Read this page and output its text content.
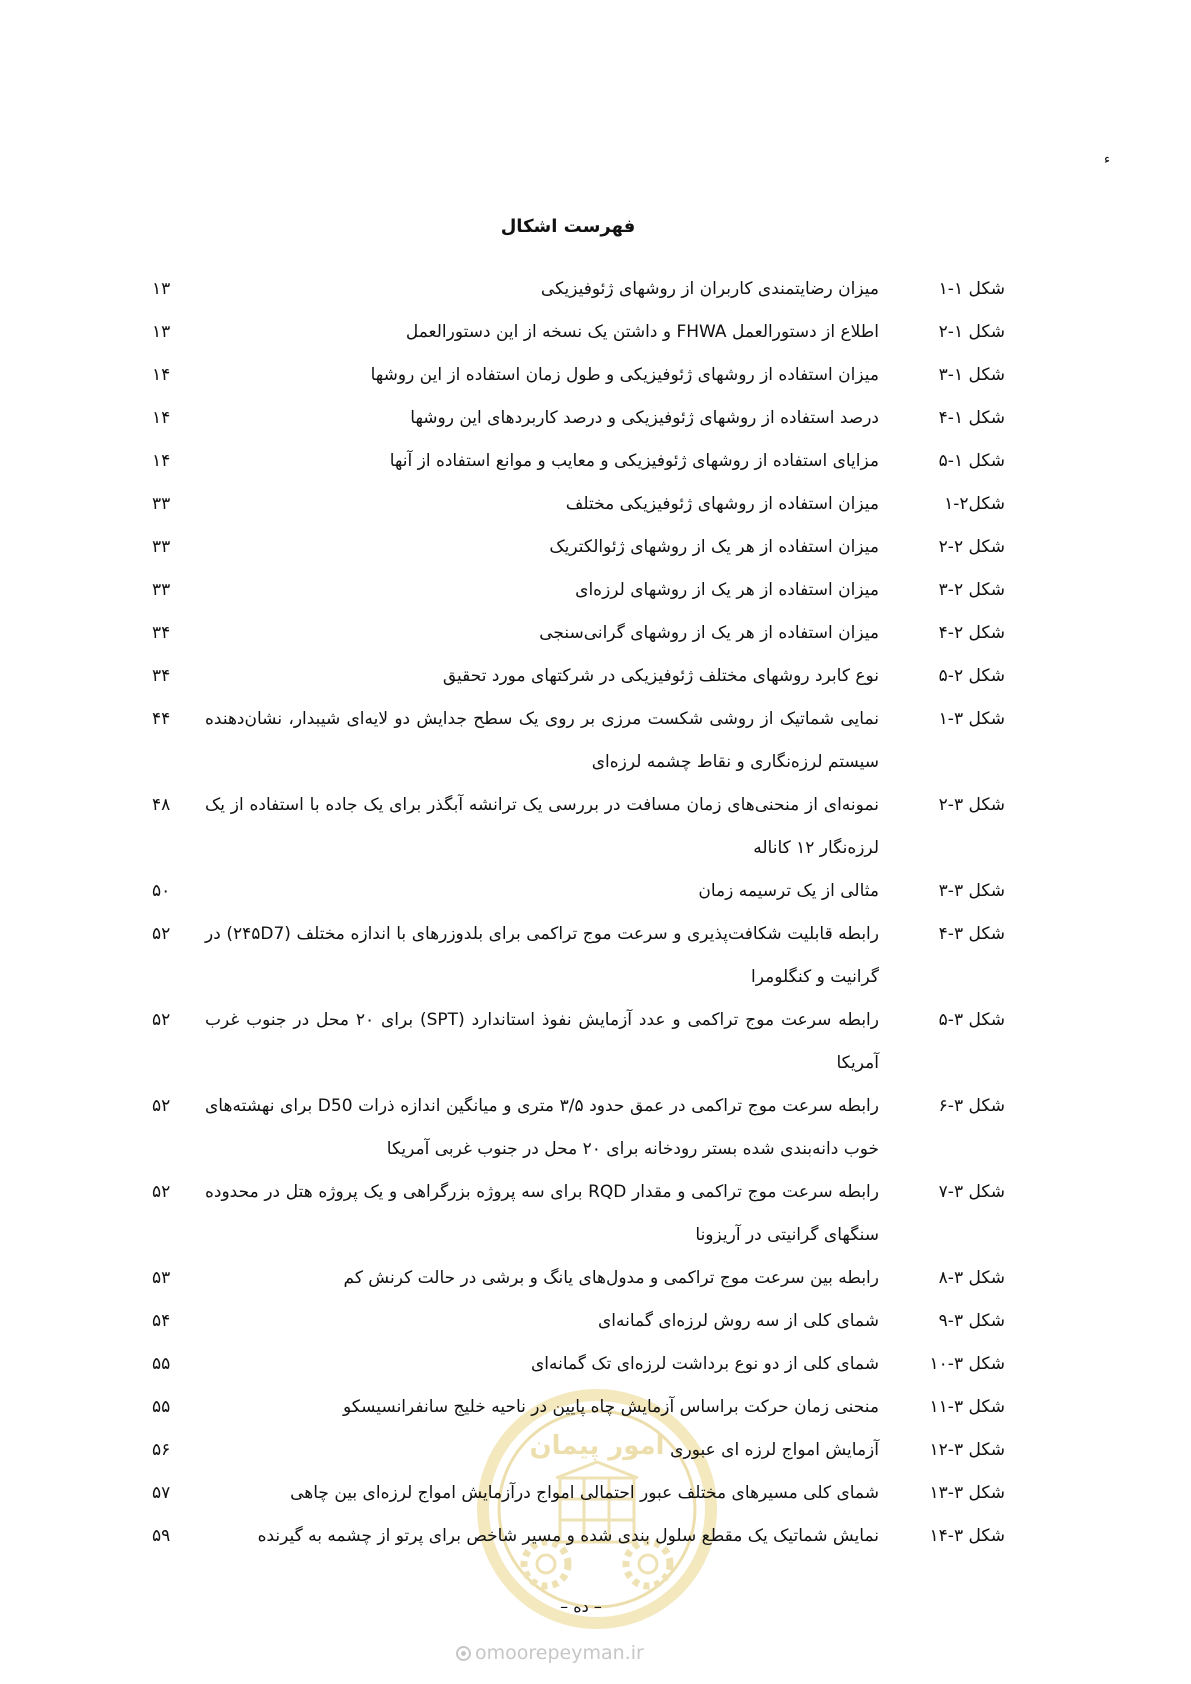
ء
فهرست اشکال
امور پیمان
شکل ۱-۱
میزان رضایتمندی کاربران از روشهای ژئوفیزیکی
۱۳
شکل ۱-۲
اطلاع از دستورالعمل FHWA و داشتن یک نسخه از این دستورالعمل
۱۳
شکل ۱-۳
میزان استفاده از روشهای ژئوفیزیکی و طول زمان استفاده از این روشها
۱۴
شکل ۱-۴
درصد استفاده از روشهای ژئوفیزیکی و درصد کاربردهای این روشها
۱۴
شکل ۱-۵
مزایای استفاده از روشهای ژئوفیزیکی و معایب و موانع استفاده از آنها
۱۴
شکل۲-۱
میزان استفاده از روشهای ژئوفیزیکی مختلف
۳۳
شکل ۲-۲
میزان استفاده از هر یک از روشهای ژئوالکتریک
۳۳
شکل ۲-۳
میزان استفاده از هر یک از روشهای لرزه‌ای
۳۳
شکل ۲-۴
میزان استفاده از هر یک از روشهای گرانی‌سنجی
۳۴
شکل ۲-۵
نوع کابرد روشهای مختلف ژئوفیزیکی در شرکتهای مورد تحقیق
۳۴
شکل ۳-۱
نمایی شماتیک از روشی شکست مرزی بر روی یک سطح جدایش دو لایه‌ای شیبدار، نشان‌دهنده سیستم لرزه‌نگاری و نقاط چشمه لرزه‌ای
۴۴
شکل ۳-۲
نمونه‌ای از منحنی‌های زمان مسافت در بررسی یک ترانشه آبگذر برای یک جاده با استفاده از یک لرزه‌نگار ۱۲ کاناله
۴۸
شکل ۳-۳
مثالی از یک ترسیمه زمان
۵۰
شکل ۳-۴
رابطه قابلیت شکافت‌پذیری و سرعت موج تراکمی برای بلدوزرهای با اندازه مختلف (۲۴۵D7) در گرانیت و کنگلومرا
۵۲
شکل ۳-۵
رابطه سرعت موج تراکمی و عدد آزمایش نفوذ استاندارد (SPT) برای ۲۰ محل در جنوب غرب آمریکا
۵۲
شکل ۳-۶
رابطه سرعت موج تراکمی در عمق حدود ۳/۵ متری و میانگین اندازه ذرات D50 برای نهشته‌های خوب دانه‌بندی شده بستر رودخانه برای ۲۰ محل در جنوب غربی آمریکا
۵۲
شکل ۳-۷
رابطه سرعت موج تراکمی و مقدار RQD برای سه پروژه بزرگراهی و یک پروژه هتل در محدوده سنگهای گرانیتی در آریزونا
۵۲
شکل ۳-۸
رابطه بین سرعت موج تراکمی و مدول‌های یانگ و برشی در حالت کرنش کم
۵۳
شکل ۳-۹
شمای کلی از سه روش لرزه‌ای گمانه‌ای
۵۴
شکل ۳-۱۰
شمای کلی از دو نوع برداشت لرزه‌ای تک گمانه‌ای
۵۵
شکل ۳-۱۱
منحنی زمان حرکت براساس آزمایش چاه پایین در ناحیه خلیج سانفرانسیسکو
۵۵
شکل ۳-۱۲
آزمایش امواج لرزه ای عبوری
۵۶
شکل ۳-۱۳
شمای کلی مسیرهای مختلف عبور احتمالی امواج درآزمایش امواج لرزه‌ای بین چاهی
۵۷
شکل ۳-۱۴
نمایش شماتیک یک مقطع سلول بندی شده و مسیر شاخص برای پرتو از چشمه به گیرنده
۵۹
– ده –
omoorepeyman.ir
